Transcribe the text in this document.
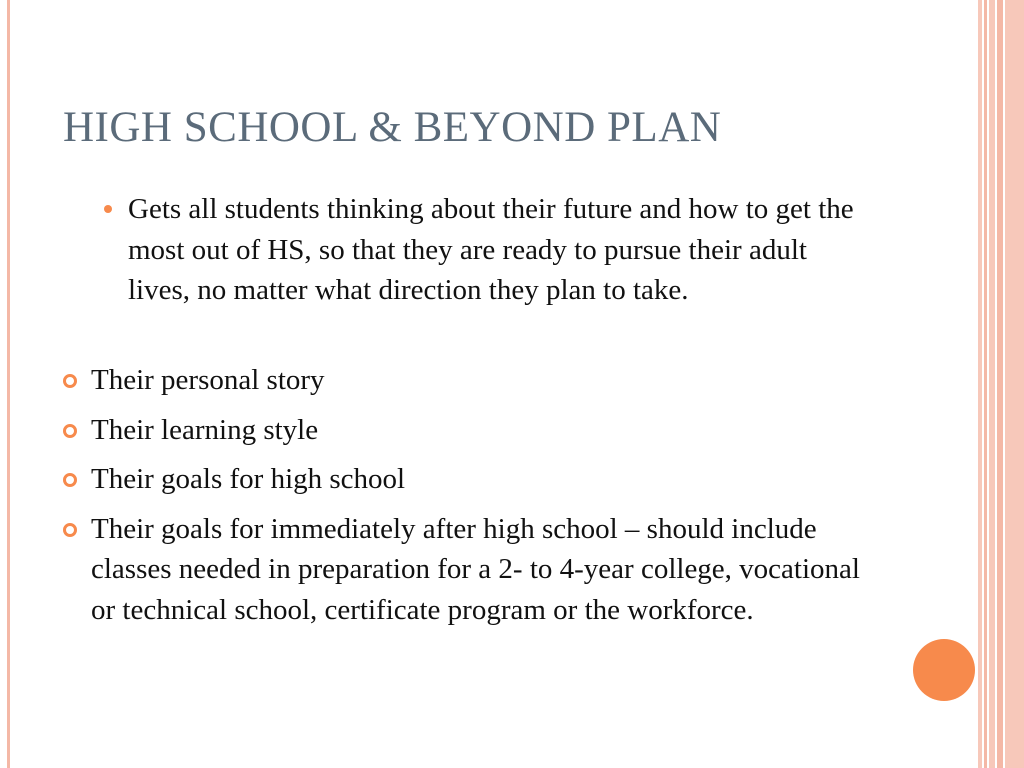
HIGH SCHOOL & BEYOND PLAN
Gets all students thinking about their future and how to get the most out of HS, so that they are ready to pursue their adult lives, no matter what direction they plan to take.
Their personal story
Their learning style
Their goals for high school
Their goals for immediately after high school – should include classes needed in preparation for a 2- to 4-year college, vocational or technical school, certificate program or the workforce.
